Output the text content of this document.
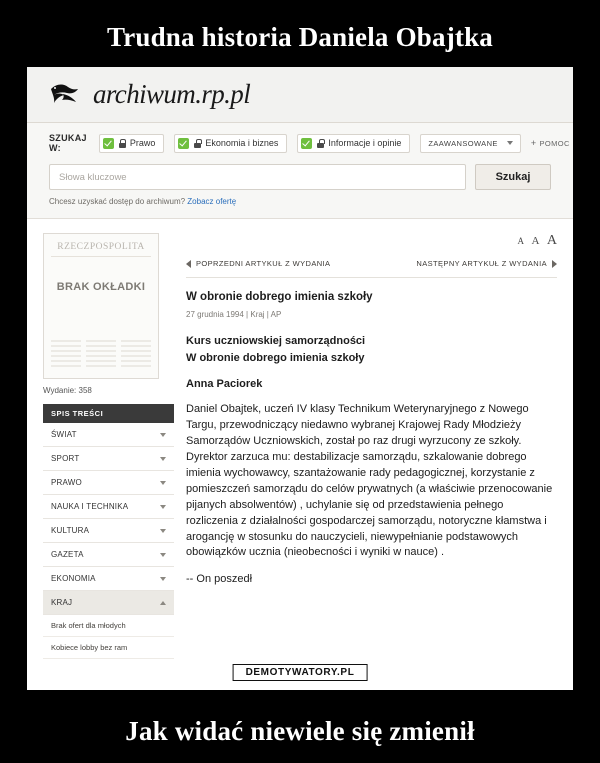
Trudna historia Daniela Obajtka
archiwum.rp.pl
SZUKAJ W:	Prawo	Ekonomia i biznes	Informacje i opinie	ZAAWANSOWANE	+ POMOC
Słowa kluczowe	Szukaj
Chcesz uzyskać dostęp do archiwum? Zobacz ofertę
RZECZPOSPOLITA
BRAK OKŁADKI
Wydanie: 358
SPIS TREŚCI
ŚWIAT
SPORT
PRAWO
NAUKA I TECHNIKA
KULTURA
GAZETA
EKONOMIA
KRAJ
Brak ofert dla młodych
Kobiece lobby bez ram
A A A
POPRZEDNI ARTYKUŁ Z WYDANIA	NASTĘPNY ARTYKUŁ Z WYDANIA
W obronie dobrego imienia szkoły
27 grudnia 1994 | Kraj | AP
Kurs uczniowskiej samorządności
W obronie dobrego imienia szkoły
Anna Paciorek

Daniel Obajtek, uczeń IV klasy Technikum Weterynaryjnego z Nowego Targu, przewodniczący niedawno wybranej Krajowej Rady Młodzieży Samorządów Uczniowskich, został po raz drugi wyrzucony ze szkoły. Dyrektor zarzuca mu: destabilizacje samorządu, szkalowanie dobrego imienia wychowawcy, szantażowanie rady pedagogicznej, korzystanie z pomieszczeń samorządu do celów prywatnych (a właściwie przenocowanie pijanych absolwentów) , uchylanie się od przedstawienia pełnego rozliczenia z działalności gospodarczej samorządu, notoryczne kłamstwa i arogancję w stosunku do nauczycieli, niewypełnianie podstawowych obowiązków ucznia (nieobecności i wyniki w nauce) .

-- On poszedł

DEMOTYWATORY.PL
Jak widać niewiele się zmienił
